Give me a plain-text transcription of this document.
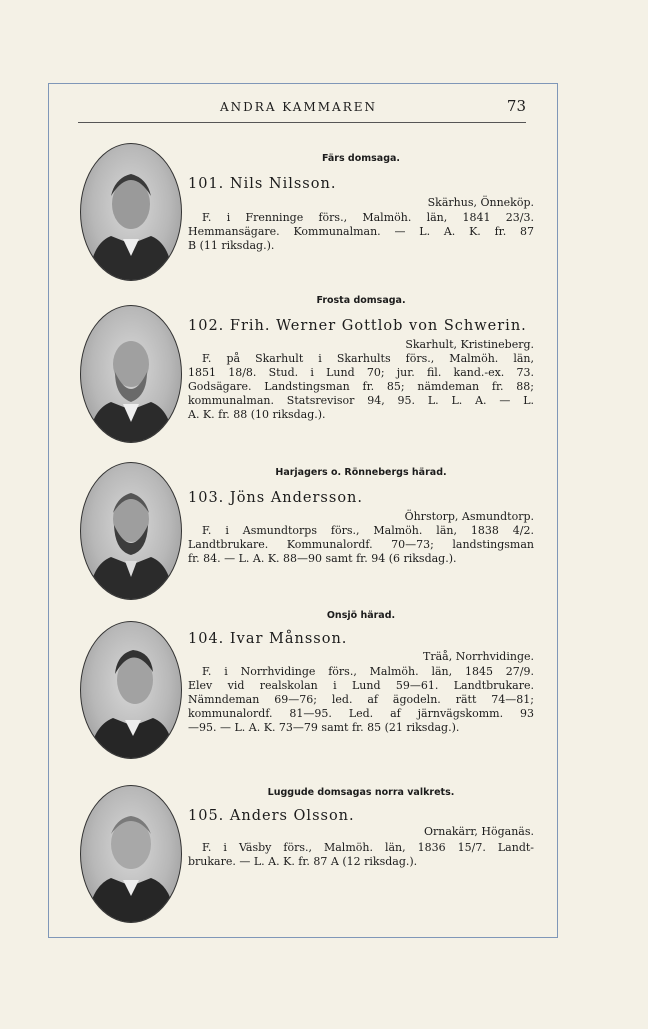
ANDRA KAMMAREN	73
Färs domsaga.
101. Nils Nilsson.
Skärhus, Önneköp.
F. i Frenninge förs., Malmöh. län, 1841 23/3.
Hemmansägare. Kommunalman. — L. A. K. fr. 87
B (11 riksdag.).
Frosta domsaga.
102. Frih. Werner Gottlob von Schwerin.
Skarhult, Kristineberg.
F. på Skarhult i Skarhults förs., Malmöh. län,
1851 18/8. Stud. i Lund 70; jur. fil. kand.-ex. 73.
Godsägare. Landstingsman fr. 85; nämdeman fr. 88;
kommunalman. Statsrevisor 94, 95. L. L. A. — L.
A. K. fr. 88 (10 riksdag.).
Harjagers o. Rönnebergs härad.
103. Jöns Andersson.
Öhrstorp, Asmundtorp.
F. i Asmundtorps förs., Malmöh. län, 1838 4/2.
Landtbrukare. Kommunalordf. 70—73; landstingsman
fr. 84. — L. A. K. 88—90 samt fr. 94 (6 riksdag.).
Onsjö härad.
104. Ivar Månsson.
Träå, Norrhvidinge.
F. i Norrhvidinge förs., Malmöh. län, 1845 27/9.
Elev vid realskolan i Lund 59—61. Landtbrukare.
Nämndeman 69—76; led. af ägodeln. rätt 74—81;
kommunalordf. 81—95. Led. af järnvägskomm. 93
—95. — L. A. K. 73—79 samt fr. 85 (21 riksdag.).
Luggude domsagas norra valkrets.
105. Anders Olsson.
Ornakärr, Höganäs.
F. i Väsby förs., Malmöh. län, 1836 15/7. Landt-
brukare. — L. A. K. fr. 87 A (12 riksdag.).
